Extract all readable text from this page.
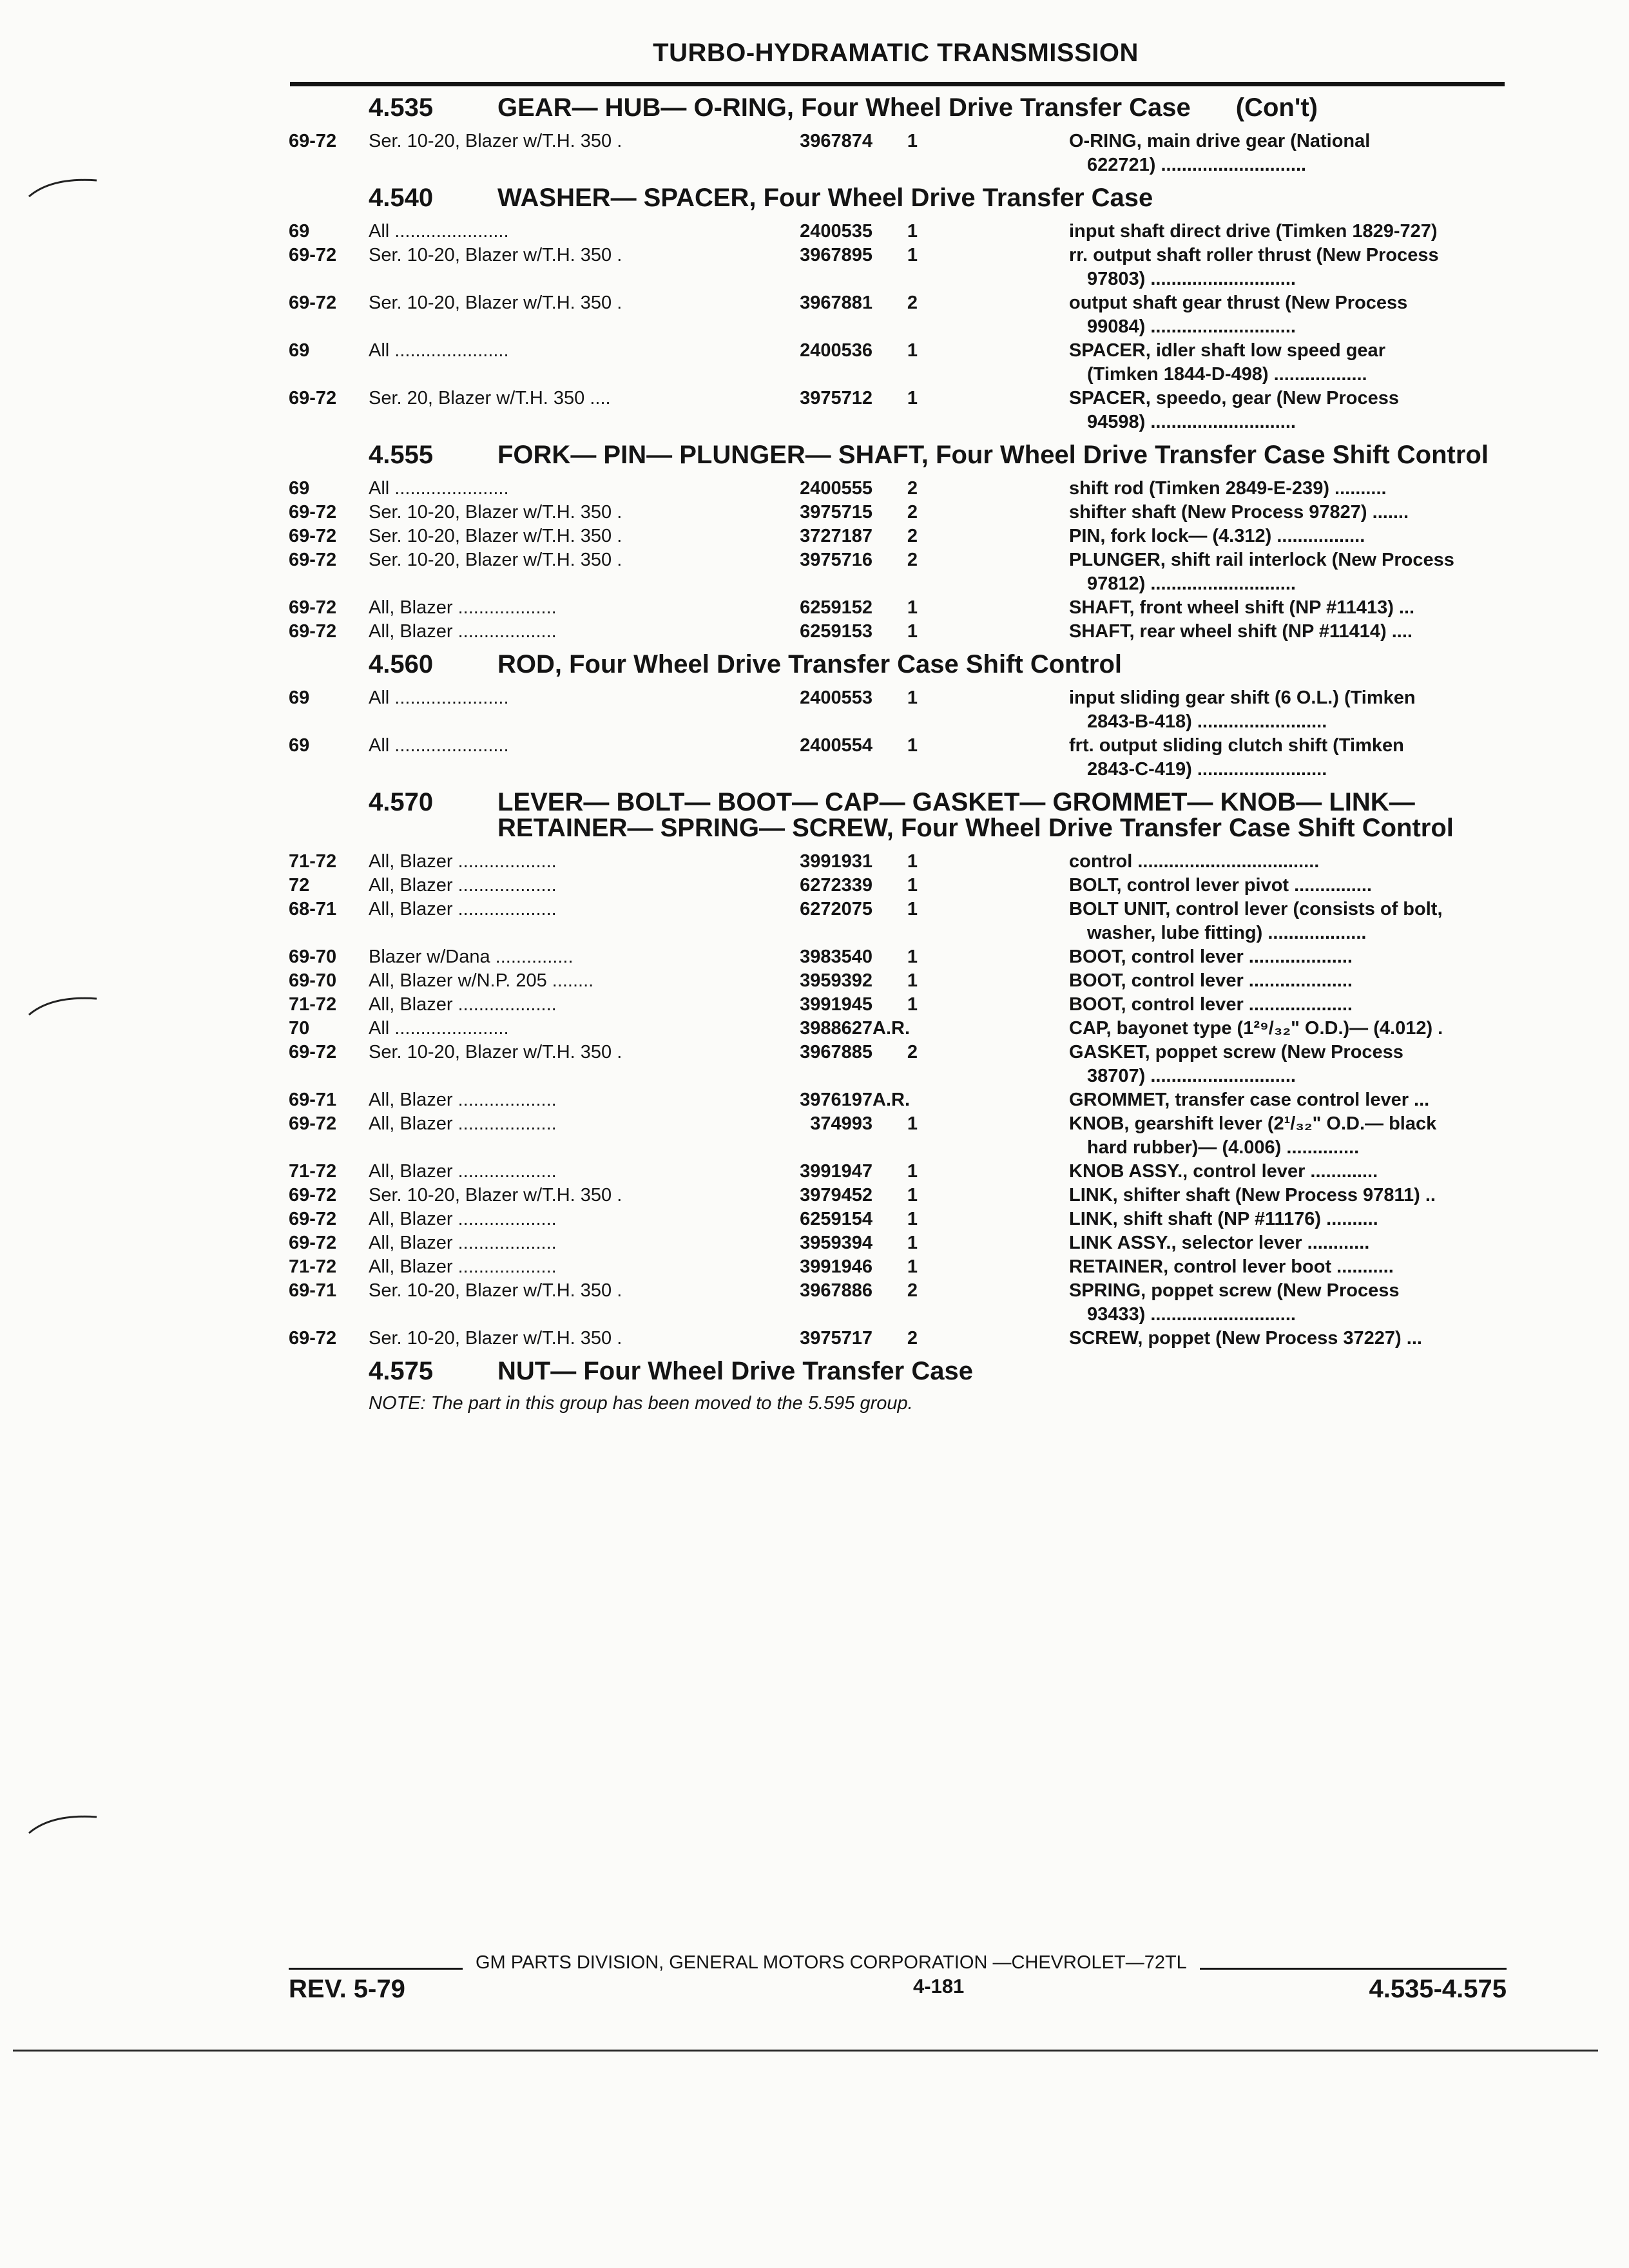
TURBO-HYDRAMATIC TRANSMISSION
4.535	GEAR— HUB— O-RING, Four Wheel Drive Transfer Case (Con't)
69-72	Ser. 10-20, Blazer w/T.H. 350 .	3967874	1	O-RING, main drive gear (National
622721) ............................
4.540	WASHER— SPACER, Four Wheel Drive Transfer Case
69	All ......................	2400535	1	input shaft direct drive (Timken 1829-727)
69-72	Ser. 10-20, Blazer w/T.H. 350 .	3967895	1	rr. output shaft roller thrust (New Process
97803) ............................
69-72	Ser. 10-20, Blazer w/T.H. 350 .	3967881	2	output shaft gear thrust (New Process
99084) ............................
69	All ......................	2400536	1	SPACER, idler shaft low speed gear
(Timken 1844-D-498) ..................
69-72	Ser. 20, Blazer w/T.H. 350 ....	3975712	1	SPACER, speedo, gear (New Process
94598) ............................
4.555	FORK— PIN— PLUNGER— SHAFT, Four Wheel Drive Transfer Case Shift Control
69	All ......................	2400555	2	shift rod (Timken 2849-E-239) ..........
69-72	Ser. 10-20, Blazer w/T.H. 350 .	3975715	2	shifter shaft (New Process 97827) .......
69-72	Ser. 10-20, Blazer w/T.H. 350 .	3727187	2	PIN, fork lock— (4.312) .................
69-72	Ser. 10-20, Blazer w/T.H. 350 .	3975716	2	PLUNGER, shift rail interlock (New Process
97812) ............................
69-72	All, Blazer ...................	6259152	1	SHAFT, front wheel shift (NP #11413) ...
69-72	All, Blazer ...................	6259153	1	SHAFT, rear wheel shift (NP #11414) ....
4.560	ROD, Four Wheel Drive Transfer Case Shift Control
69	All ......................	2400553	1	input sliding gear shift (6 O.L.) (Timken
2843-B-418) .........................
69	All ......................	2400554	1	frt. output sliding clutch shift (Timken
2843-C-419) .........................
4.570	LEVER— BOLT— BOOT— CAP— GASKET— GROMMET— KNOB— LINK— RETAINER— SPRING— SCREW, Four Wheel Drive Transfer Case Shift Control
71-72	All, Blazer ...................	3991931	1	control ...................................
72	All, Blazer ...................	6272339	1	BOLT, control lever pivot ...............
68-71	All, Blazer ...................	6272075	1	BOLT UNIT, control lever (consists of bolt,
washer, lube fitting) ...................
69-70	Blazer w/Dana ...............	3983540	1	BOOT, control lever ....................
69-70	All, Blazer w/N.P. 205 ........	3959392	1	BOOT, control lever ....................
71-72	All, Blazer ...................	3991945	1	BOOT, control lever ....................
70	All ......................	3988627 A.R.	CAP, bayonet type (1²⁹/₃₂" O.D.)— (4.012) .
69-72	Ser. 10-20, Blazer w/T.H. 350 .	3967885	2	GASKET, poppet screw (New Process
38707) ............................
69-71	All, Blazer ...................	3976197 A.R.	GROMMET, transfer case control lever ...
69-72	All, Blazer ...................	374993	1	KNOB, gearshift lever (2¹/₃₂" O.D.— black
hard rubber)— (4.006) ..............
71-72	All, Blazer ...................	3991947	1	KNOB ASSY., control lever .............
69-72	Ser. 10-20, Blazer w/T.H. 350 .	3979452	1	LINK, shifter shaft (New Process 97811) ..
69-72	All, Blazer ...................	6259154	1	LINK, shift shaft (NP #11176) ..........
69-72	All, Blazer ...................	3959394	1	LINK ASSY., selector lever ............
71-72	All, Blazer ...................	3991946	1	RETAINER, control lever boot ...........
69-71	Ser. 10-20, Blazer w/T.H. 350 .	3967886	2	SPRING, poppet screw (New Process
93433) ............................
69-72	Ser. 10-20, Blazer w/T.H. 350 .	3975717	2	SCREW, poppet (New Process 37227) ...
4.575	NUT— Four Wheel Drive Transfer Case
NOTE: The part in this group has been moved to the 5.595 group.
GM PARTS DIVISION, GENERAL MOTORS CORPORATION —CHEVROLET—72TL
REV. 5-79	4-181	4.535-4.575
